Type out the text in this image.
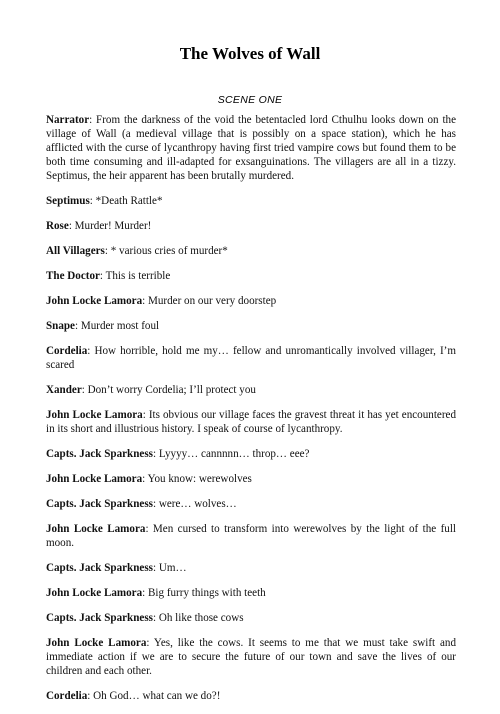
The Wolves of Wall
SCENE ONE

Narrator: From the darkness of the void the betentacled lord Cthulhu looks down on the village of Wall (a medieval village that is possibly on a space station), which he has afflicted with the curse of lycanthropy having first tried vampire cows but found them to be both time consuming and ill-adapted for exsanguinations. The villagers are all in a tizzy. Septimus, the heir apparent has been brutally murdered.

Septimus: *Death Rattle*

Rose: Murder! Murder!

All Villagers: * various cries of murder*

The Doctor: This is terrible

John Locke Lamora: Murder on our very doorstep

Snape: Murder most foul

Cordelia: How horrible, hold me my… fellow and unromantically involved villager, I’m scared

Xander: Don’t worry Cordelia; I’ll protect you

John Locke Lamora: Its obvious our village faces the gravest threat it has yet encountered in its short and illustrious history. I speak of course of lycanthropy.

Capts. Jack Sparkness: Lyyyy… cannnnn… throp… eee?

John Locke Lamora: You know: werewolves

Capts. Jack Sparkness: were… wolves…

John Locke Lamora: Men cursed to transform into werewolves by the light of the full moon.

Capts. Jack Sparkness: Um…

John Locke Lamora: Big furry things with teeth

Capts. Jack Sparkness: Oh like those cows

John Locke Lamora: Yes, like the cows. It seems to me that we must take swift and immediate action if we are to secure the future of our town and save the lives of our children and each other.

Cordelia: Oh God… what can we do?!
